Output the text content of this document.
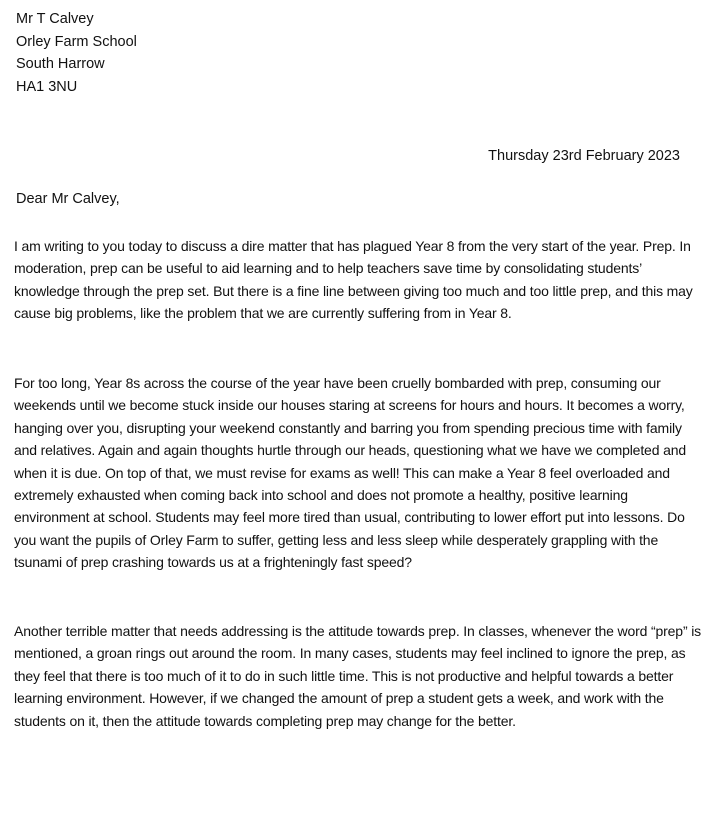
Mr T Calvey
Orley Farm School
South Harrow
HA1 3NU
Thursday 23rd February 2023
Dear Mr Calvey,

I am writing to you today to discuss a dire matter that has plagued Year 8 from the very start of the year. Prep. In moderation, prep can be useful to aid learning and to help teachers save time by consolidating students’ knowledge through the prep set. But there is a fine line between giving too much and too little prep, and this may cause big problems, like the problem that we are currently suffering from in Year 8.

For too long, Year 8s across the course of the year have been cruelly bombarded with prep, consuming our weekends until we become stuck inside our houses staring at screens for hours and hours. It becomes a worry, hanging over you, disrupting your weekend constantly and barring you from spending precious time with family and relatives. Again and again thoughts hurtle through our heads, questioning what we have we completed and when it is due. On top of that, we must revise for exams as well! This can make a Year 8 feel overloaded and extremely exhausted when coming back into school and does not promote a healthy, positive learning environment at school. Students may feel more tired than usual, contributing to lower effort put into lessons. Do you want the pupils of Orley Farm to suffer, getting less and less sleep while desperately grappling with the tsunami of prep crashing towards us at a frighteningly fast speed?

Another terrible matter that needs addressing is the attitude towards prep. In classes, whenever the word “prep” is mentioned, a groan rings out around the room. In many cases, students may feel inclined to ignore the prep, as they feel that there is too much of it to do in such little time. This is not productive and helpful towards a better learning environment. However, if we changed the amount of prep a student gets a week, and work with the students on it, then the attitude towards completing prep may change for the better.
